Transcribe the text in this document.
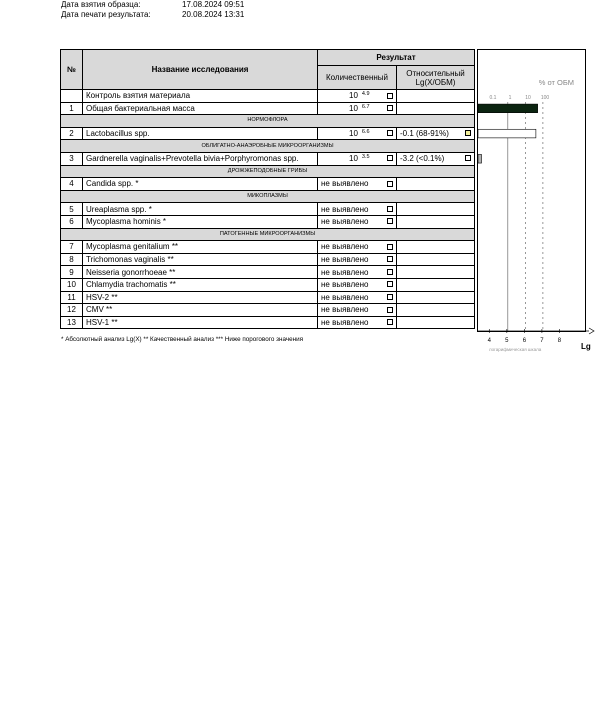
Дата взятия образца:	17.08.2024 09:51
Дата печати результата:	20.08.2024 13:31
№	Название исследования	Результат	
		Количественный	Относительный
Lg(X/ОБМ)
	Контроль взятия материала	10 $^{4.9}$

1	Общая бактериальная масса	10 $^{6.7}$

НОРМОФЛОРА			
2	Lactobacillus spp.	10 $^{6.6}$	-0.1 (68-91%)

ОБЛИГАТНО-АНАЭРОБНЫЕ МИКРООРГАНИЗМЫ			
3	Gardnerella vaginalis+Prevotella bivia+Porphyromonas spp.	10 $^{3.5}$	-3.2 (<0.1%)

ДРОЖЖЕПОДОБНЫЕ ГРИБЫ			
4	Candida spp. *	не выявлено

МИКОПЛАЗМЫ			
5	Ureaplasma spp. *	не выявлено

6	Mycoplasma hominis *	не выявлено

ПАТОГЕННЫЕ МИКРООРГАНИЗМЫ			
7	Mycoplasma genitalium **	не выявлено

8	Trichomonas vaginalis **	не выявлено

9	Neisseria gonorrhoeae **	не выявлено

10	Chlamydia trachomatis **	не выявлено

11	HSV-2 **	не выявлено

12	CMV **	не выявлено

13	HSV-1 **	не выявлено

% от ОБМ
0.1 1	10 100
4 5 6 7 8
логарифмическая шкала	Lg
* Абсолютный анализ Lg(X) ** Качественный анализ *** Ниже порогового значения
